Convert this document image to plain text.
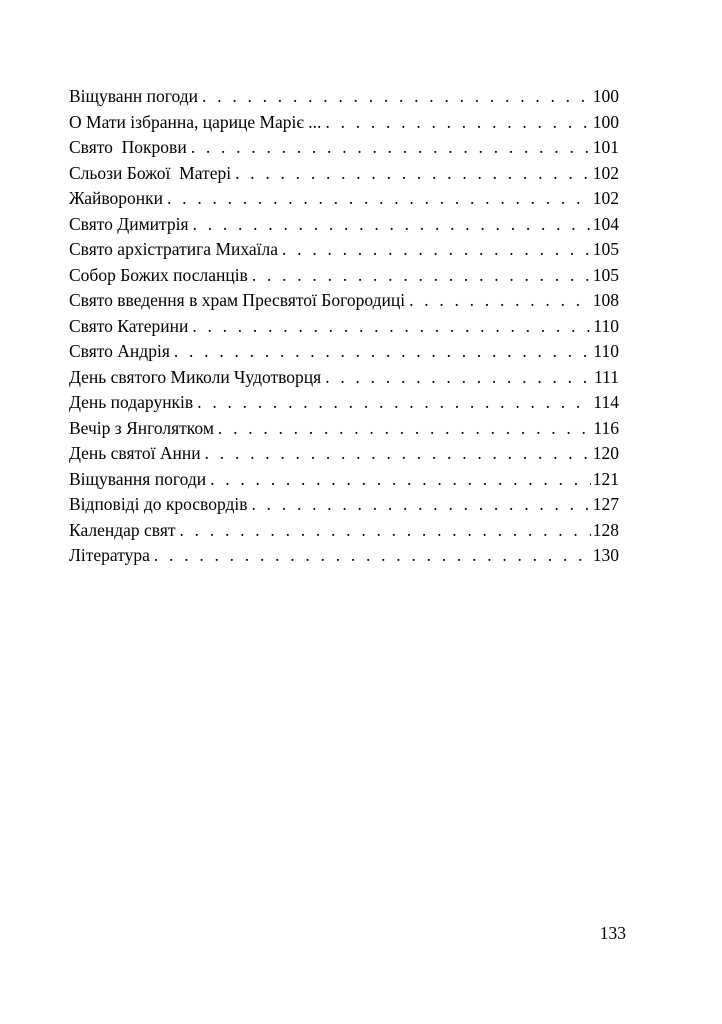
Віщуванн погоди . . .	100
О Мати ізбранна, царице Маріє ... . . .	100
Свято  Покрови . . .	101
Сльози Божої  Матері . . .	102
Жайворонки . . .	102
Свято Димитрія . . .	104
Свято архістратига Михаїла . . .	105
Собор Божих посланців . . .	105
Свято введення в храм Пресвятої Богородиці . . .	108
Свято Катерини . . .	110
Свято Андрія . . .	110
День святого Миколи Чудотворця . . .	111
День подарунків . . .	114
Вечір з Янголятком . . .	116
День святої Анни . . .	120
Віщування погоди . . .	121
Відповіді до кросвордів . . .	127
Календар свят . . .	128
Література . . .	130
133
